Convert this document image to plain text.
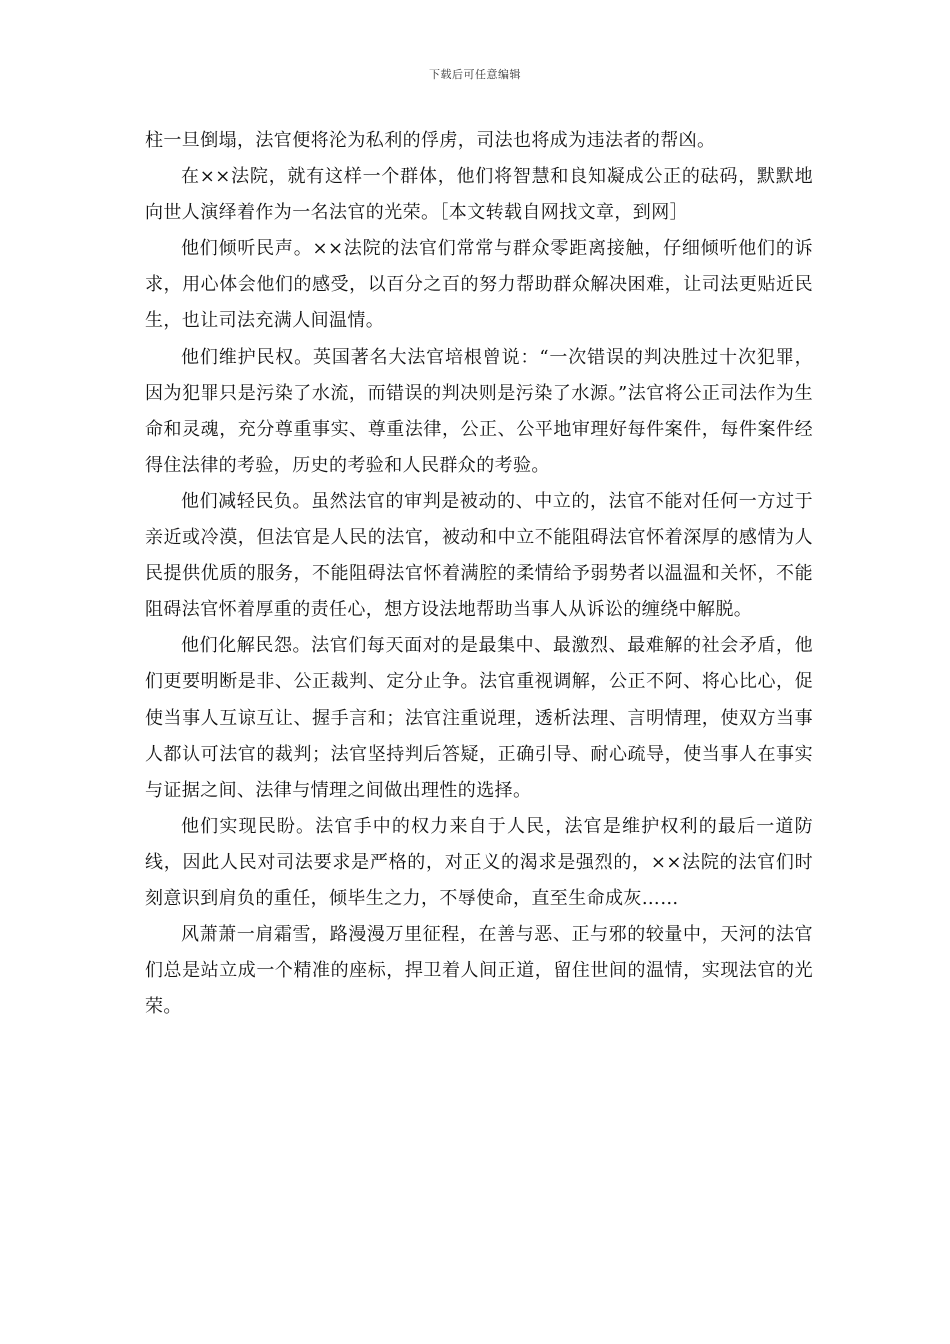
下载后可任意编辑

柱一旦倒塌，法官便将沦为私利的俘虏，司法也将成为违法者的帮凶。

在××法院，就有这样一个群体，他们将智慧和良知凝成公正的砝码，默默地向世人演绎着作为一名法官的光荣。［本文转载自网找文章，到网］

他们倾听民声。××法院的法官们常常与群众零距离接触，仔细倾听他们的诉求，用心体会他们的感受，以百分之百的努力帮助群众解决困难，让司法更贴近民生，也让司法充满人间温情。

他们维护民权。英国著名大法官培根曾说：“一次错误的判决胜过十次犯罪，因为犯罪只是污染了水流，而错误的判决则是污染了水源。”法官将公正司法作为生命和灵魂，充分尊重事实、尊重法律，公正、公平地审理好每件案件，每件案件经得住法律的考验，历史的考验和人民群众的考验。

他们减轻民负。虽然法官的审判是被动的、中立的，法官不能对任何一方过于亲近或冷漠，但法官是人民的法官，被动和中立不能阻碍法官怀着深厚的感情为人民提供优质的服务，不能阻碍法官怀着满腔的柔情给予弱势者以温温和关怀，不能阻碍法官怀着厚重的责任心，想方设法地帮助当事人从诉讼的缠绕中解脱。

他们化解民怨。法官们每天面对的是最集中、最激烈、最难解的社会矛盾，他们更要明断是非、公正裁判、定分止争。法官重视调解，公正不阿、将心比心，促使当事人互谅互让、握手言和；法官注重说理，透析法理、言明情理，使双方当事人都认可法官的裁判；法官坚持判后答疑，正确引导、耐心疏导，使当事人在事实与证据之间、法律与情理之间做出理性的选择。

他们实现民盼。法官手中的权力来自于人民，法官是维护权利的最后一道防线，因此人民对司法要求是严格的，对正义的渴求是强烈的，××法院的法官们时刻意识到肩负的重任，倾毕生之力，不辱使命，直至生命成灰……

风萧萧一肩霜雪，路漫漫万里征程，在善与恶、正与邪的较量中，天河的法官们总是站立成一个精准的座标，捍卫着人间正道，留住世间的温情，实现法官的光荣。
